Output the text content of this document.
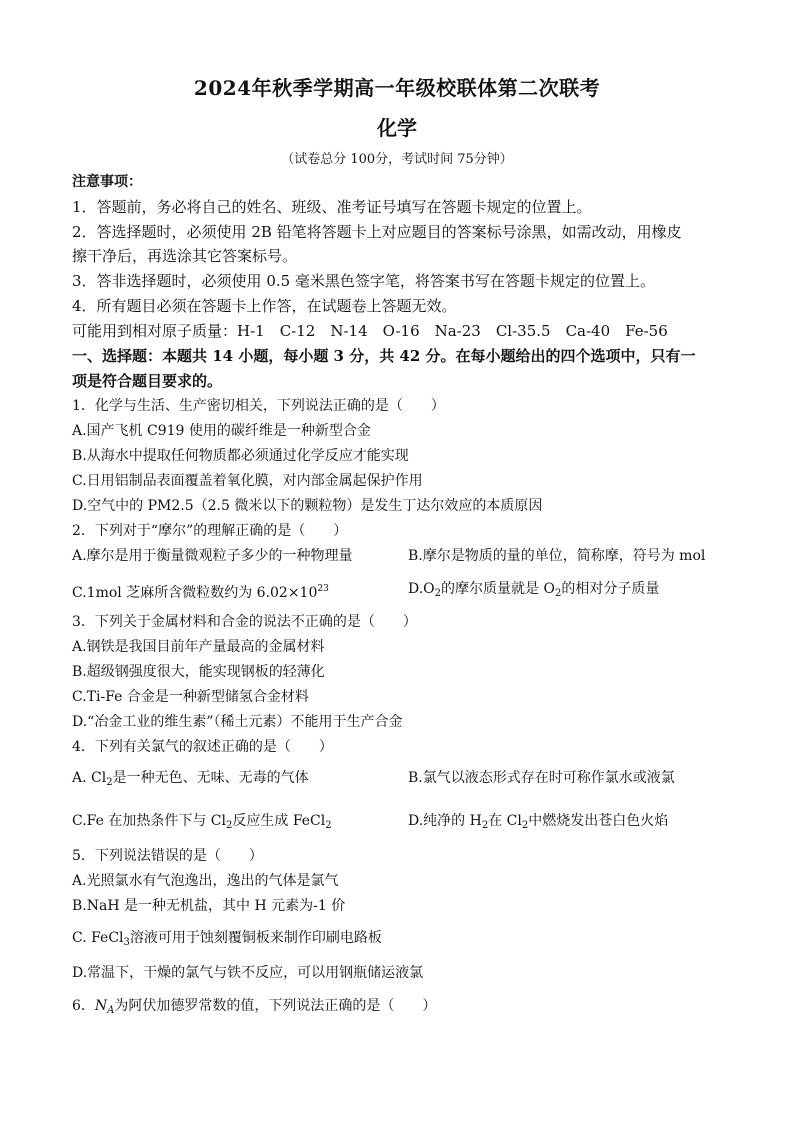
2024年秋季学期高一年级校联体第二次联考
化学
（试卷总分 100分，考试时间 75分钟）
注意事项：
1．答题前，务必将自己的姓名、班级、准考证号填写在答题卡规定的位置上。
2．答选择题时，必须使用 2B 铅笔将答题卡上对应题目的答案标号涂黑，如需改动，用橡皮
擦干净后，再选涂其它答案标号。
3．答非选择题时，必须使用 0.5 毫米黑色签字笔，将答案书写在答题卡规定的位置上。
4．所有题目必须在答题卡上作答，在试题卷上答题无效。
可能用到相对原子质量：H-1　C-12　N-14　O-16　Na-23　Cl-35.5　Ca-40　Fe-56
一、选择题：本题共 14 小题，每小题 3 分，共 42 分。在每小题给出的四个选项中，只有一
项是符合题目要求的。
1．化学与生活、生产密切相关，下列说法正确的是（　　）
A.国产飞机 C919 使用的碳纤维是一种新型合金
B.从海水中提取任何物质都必须通过化学反应才能实现
C.日用铝制品表面覆盖着氧化膜，对内部金属起保护作用
D.空气中的 PM2.5（2.5 微米以下的颗粒物）是发生丁达尔效应的本质原因
2．下列对于“摩尔”的理解正确的是（　　）
A.摩尔是用于衡量微观粒子多少的一种物理量	B.摩尔是物质的量的单位，简称摩，符号为 mol
C.1mol 芝麻所含微粒数约为 $6.02\times 10^{23}$	$D.O_2$的摩尔质量就是 $O_2$的相对分子质量
3．下列关于金属材料和合金的说法不正确的是（　　）
A.钢铁是我国目前年产量最高的金属材料
B.超级钢强度很大，能实现钢板的轻薄化
C.Ti-Fe 合金是一种新型储氢合金材料
D.“冶金工业的维生素”（稀土元素）不能用于生产合金
4．下列有关氯气的叙述正确的是（　　）
A. $Cl_2$是一种无色、无味、无毒的气体	B.氯气以液态形式存在时可称作氯水或液氯
C.Fe 在加热条件下与 $Cl_2$反应生成 FeCl$_2$	D.纯净的 $H_2$在 $Cl_2$中燃烧发出苍白色火焰
5．下列说法错误的是（　　）
A.光照氯水有气泡逸出，逸出的气体是氯气
B.NaH 是一种无机盐，其中 H 元素为-1 价
C. FeCl$_3$溶液可用于蚀刻覆铜板来制作印刷电路板
D.常温下，干燥的氯气与铁不反应，可以用钢瓶储运液氯
6．$N_A$为阿伏加德罗常数的值，下列说法正确的是（　　）
